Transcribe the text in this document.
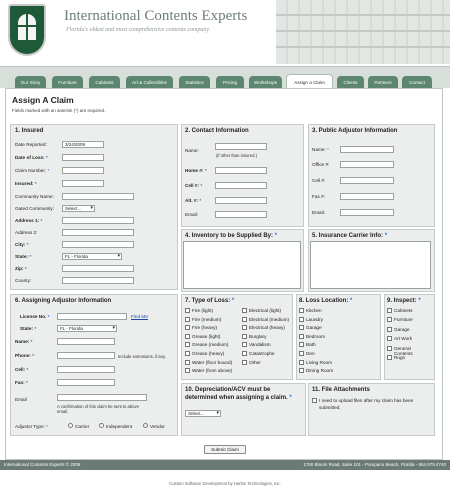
International Contents Experts
Florida's oldest and most comprehensive contents company.
Our Story	Furniture	Cabinets	Art & Collectibles	Statistics	Pricing	Workshops	Assign a Claim	Clients	Partners	Contact
Assign A Claim
Fields marked with an asterisk (*) are required.
1. Insured
Date Reported:	3/24/2009
Date of Loss: *
Claim Number: *
Insured: *
Community Name:
Gated Community:	Select... ▾
Address 1: *
Address 2:
City: *
State: *	FL - Florida ▾
Zip: *
County:
2. Contact Information
Name:
(if other than insured.)
Home #: *
Cell #: *
Alt. #: *
Email:
3. Public Adjustor Information
Name: *
Office #:
Cell #:
Fax #:
Email:
4. Inventory to be Supplied By: *	5. Insurance Carrier Info: *
6. Assigning Adjustor Information
License No. *	Find Me
State: *	FL - Florida ▾
Name: *
Phone: *	Include extensions, if any.
Cell: *
Fax: *
Email
A confirmation of this claim be sent to above email.
Adjustor Type: *	Carrier	Independent	Vendor
7. Type of Loss: *
Fire (light)
Fire (medium)
Fire (heavy)
Grease (light)
Grease (medium)
Grease (heavy)
Water (floor bound)
Water (from above)
Electrical (light)
Electrical (medium)
Electrical (heavy)
Burglary
Vandalism
Catastrophe
Other
8. Loss Location: *
Kitchen
Laundry
Garage
Bedroom
Bath
Den
Living Room
Dining Room
9. Inspect: *
Cabinets
Furniture
Garage
Art Work
General Contents
Rugs
10. Depreciation/ACV must be
determined when assigning a claim. *
Select... ▾
11. File Attachments
I need to upload files after my claim has been
submitted.
Submit Claim
International Contents Experts © 2008	1760 Bloom Road, Suite 101 - Pompano Beach, Florida - 954.979.4740
Custom Software Development by Harbin Technologies, Inc.
